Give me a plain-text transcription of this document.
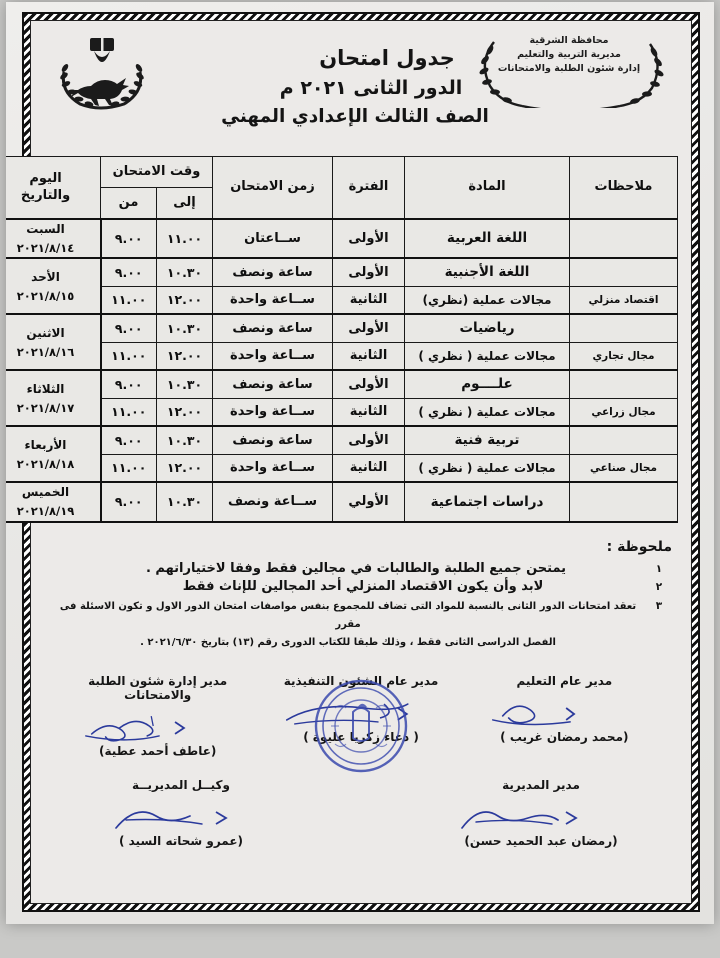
محافظة الشرقية
مديرية التربية والتعليم
إدارة شئون الطلبة والامتحانات
جدول امتحان
الدور الثانى ٢٠٢١ م
الصف الثالث الإعدادي المهني
ملاحظات	المادة	الفترة	زمن الامتحان	وقت الامتحان		اليوم
والتاريخ

				إلى	من	
	اللغة العربية	الأولى	ســاعتان	١١.٠٠	٩.٠٠	السبت
٢٠٢١/٨/١٤

	اللغة الأجنبية	الأولى	ساعة ونصف	١٠.٣٠	٩.٠٠	الأحد
٢٠٢١/٨/١٥

اقتصاد منزلي	مجالات عملية (نظري)	الثانية	ســاعة واحدة	١٢.٠٠	١١.٠٠	
	رياضيات	الأولى	ساعة ونصف	١٠.٣٠	٩.٠٠	الاثنين
٢٠٢١/٨/١٦

مجال تجاري	مجالات عملية ( نظري )	الثانية	ســاعة واحدة	١٢.٠٠	١١.٠٠	
	علــــوم	الأولى	ساعة ونصف	١٠.٣٠	٩.٠٠	الثلاثاء
٢٠٢١/٨/١٧

مجال زراعي	مجالات عملية ( نظري )	الثانية	ســاعة واحدة	١٢.٠٠	١١.٠٠	
	تربية فنية	الأولى	ساعة ونصف	١٠.٣٠	٩.٠٠	الأربعاء
٢٠٢١/٨/١٨

مجال صناعي	مجالات عملية ( نظري )	الثانية	ســاعة واحدة	١٢.٠٠	١١.٠٠	
	دراسات اجتماعية	الأولي	ســاعة ونصف	١٠.٣٠	٩.٠٠	الخميس
٢٠٢١/٨/١٩
ملحوظة :
١
يمتحن جميع الطلبة والطالبات في مجالين فقط وفقا لاختياراتهم .
٢
لابد وأن يكون الاقتصاد المنزلي أحد المجالين للإناث فقط
٣
تعقد امتحانات الدور الثانى بالنسبة للمواد التى تضاف للمجموع بنفس مواصفات امتحان الدور الاول و تكون الاسئلة فى مقرر
الفصل الدراسى الثانى فقط ، وذلك طبقا للكتاب الدورى رقم (١٣) بتاريخ ٢٠٢١/٦/٣٠ .
مدير عام التعليم
(محمد رمضان غريب )
مدير عام الشئون التنفيذية
( دعاء زكريا عليوة )
مدير إدارة شئون الطلبة والامتحانات
(عاطف أحمد عطية)
مدير المديرية
(رمضان عبد الحميد حسن)
وكيــل المديريــة
(عمرو شحاته السيد )
